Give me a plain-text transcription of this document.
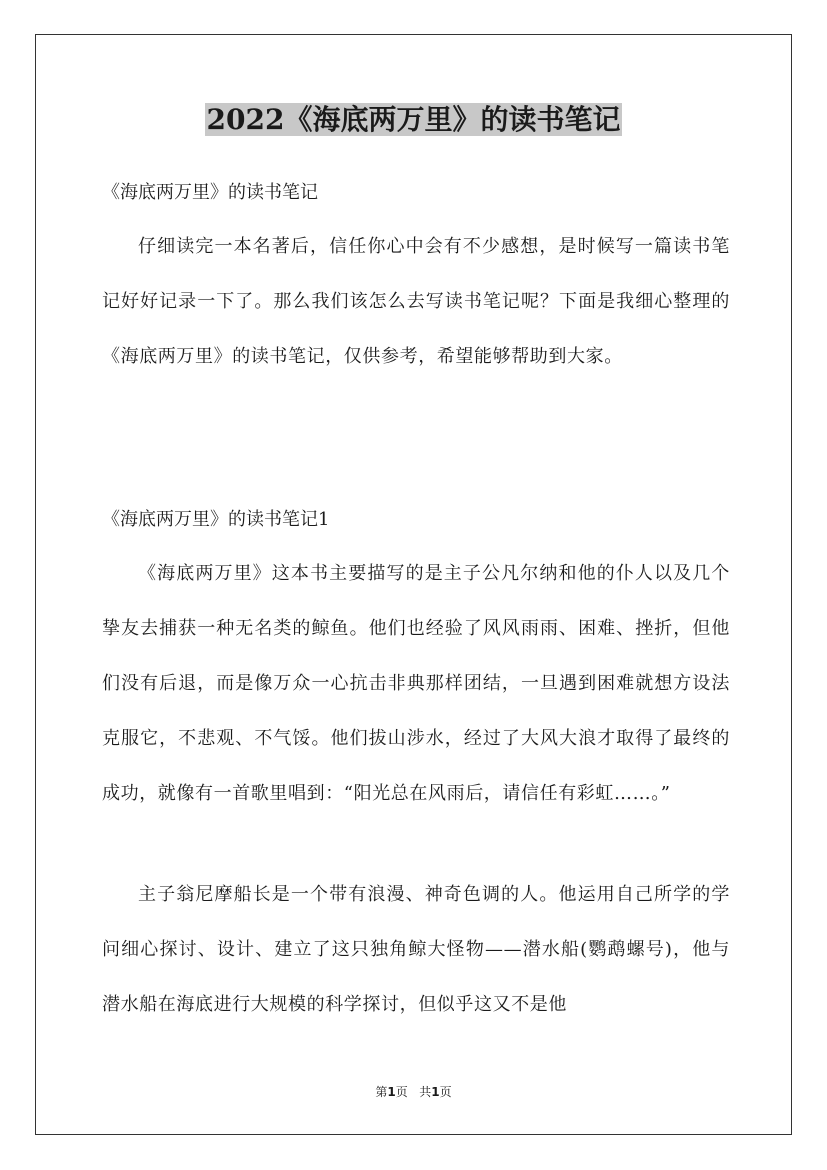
2022《海底两万里》的读书笔记
《海底两万里》的读书笔记
仔细读完一本名著后，信任你心中会有不少感想，是时候写一篇读书笔记好好记录一下了。那么我们该怎么去写读书笔记呢？下面是我细心整理的《海底两万里》的读书笔记，仅供参考，希望能够帮助到大家。
《海底两万里》的读书笔记1
《海底两万里》这本书主要描写的是主子公凡尔纳和他的仆人以及几个挚友去捕获一种无名类的鲸鱼。他们也经验了风风雨雨、困难、挫折，但他们没有后退，而是像万众一心抗击非典那样团结，一旦遇到困难就想方设法克服它，不悲观、不气馁。他们拔山涉水，经过了大风大浪才取得了最终的成功，就像有一首歌里唱到：“阳光总在风雨后，请信任有彩虹……。”
主子翁尼摩船长是一个带有浪漫、神奇色调的人。他运用自己所学的学问细心探讨、设计、建立了这只独角鲸大怪物——潜水船(鹦鹉螺号)，他与潜水船在海底进行大规模的科学探讨，但似乎这又不是他
第1页 共1页
